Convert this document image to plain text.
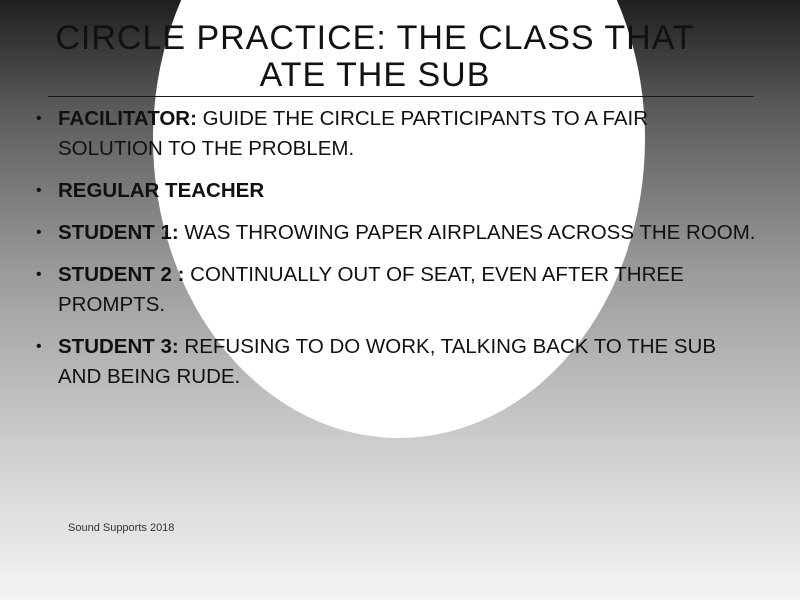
CIRCLE PRACTICE: THE CLASS THAT
ATE THE SUB
• FACILITATOR: GUIDE THE CIRCLE PARTICIPANTS TO A FAIR SOLUTION TO THE PROBLEM.
• REGULAR TEACHER
• STUDENT 1: WAS THROWING PAPER AIRPLANES ACROSS THE ROOM.
• STUDENT 2 : CONTINUALLY OUT OF SEAT, EVEN AFTER THREE PROMPTS.
• STUDENT 3: REFUSING TO DO WORK, TALKING BACK TO THE SUB AND BEING RUDE.
Sound Supports 2018
